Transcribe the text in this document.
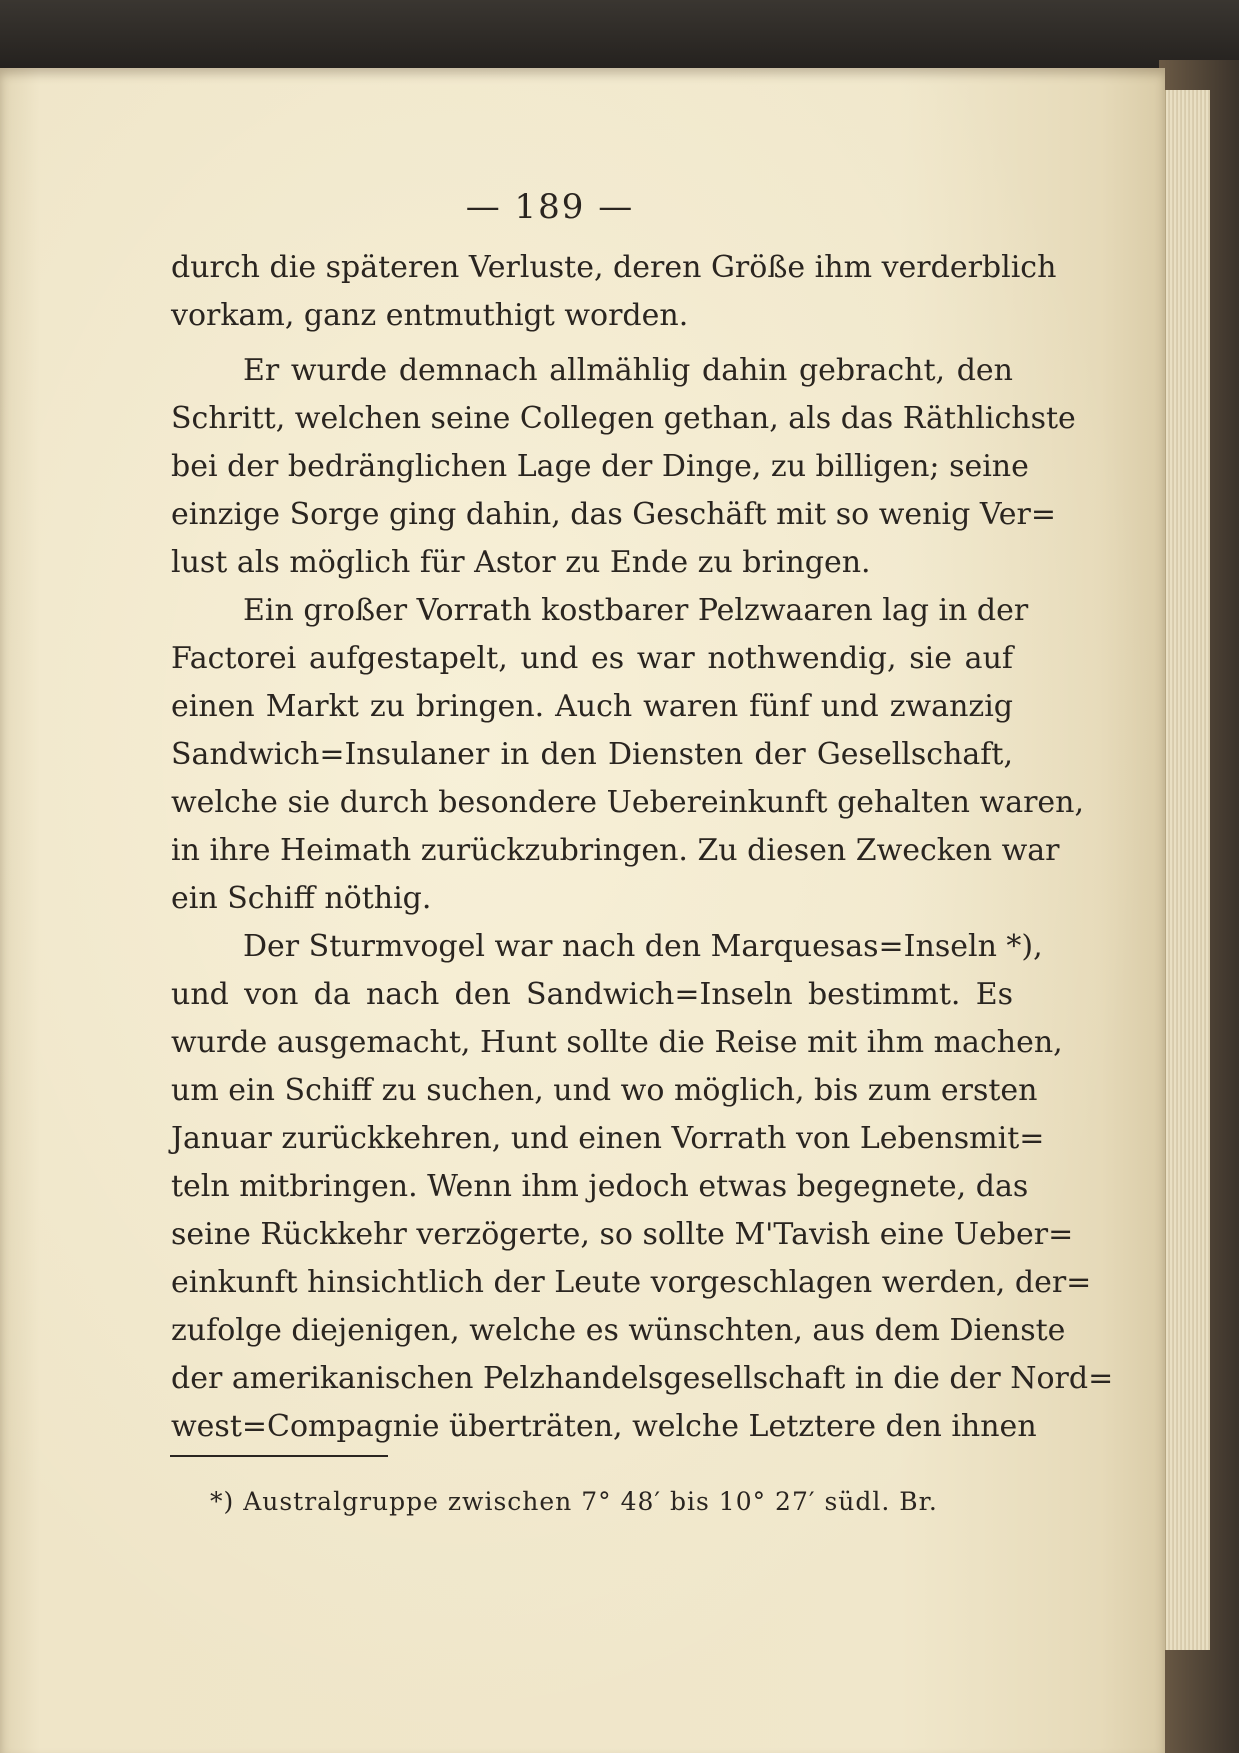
— 189 —
durch die späteren Verluste, deren Größe ihm verderblich
vorkam, ganz entmuthigt worden.
Er wurde demnach allmählig dahin gebracht, den
Schritt, welchen seine Collegen gethan, als das Räthlichste
bei der bedränglichen Lage der Dinge, zu billigen; seine
einzige Sorge ging dahin, das Geschäft mit so wenig Ver=
lust als möglich für Astor zu Ende zu bringen.
Ein großer Vorrath kostbarer Pelzwaaren lag in der
Factorei aufgestapelt, und es war nothwendig, sie auf
einen Markt zu bringen. Auch waren fünf und zwanzig
Sandwich=Insulaner in den Diensten der Gesellschaft,
welche sie durch besondere Uebereinkunft gehalten waren,
in ihre Heimath zurückzubringen. Zu diesen Zwecken war
ein Schiff nöthig.
Der Sturmvogel war nach den Marquesas=Inseln *),
und von da nach den Sandwich=Inseln bestimmt. Es
wurde ausgemacht, Hunt sollte die Reise mit ihm machen,
um ein Schiff zu suchen, und wo möglich, bis zum ersten
Januar zurückkehren, und einen Vorrath von Lebensmit=
teln mitbringen. Wenn ihm jedoch etwas begegnete, das
seine Rückkehr verzögerte, so sollte M'Tavish eine Ueber=
einkunft hinsichtlich der Leute vorgeschlagen werden, der=
zufolge diejenigen, welche es wünschten, aus dem Dienste
der amerikanischen Pelzhandelsgesellschaft in die der Nord=
west=Compagnie überträten, welche Letztere den ihnen
*) Australgruppe zwischen 7° 48′ bis 10° 27′ südl. Br.
